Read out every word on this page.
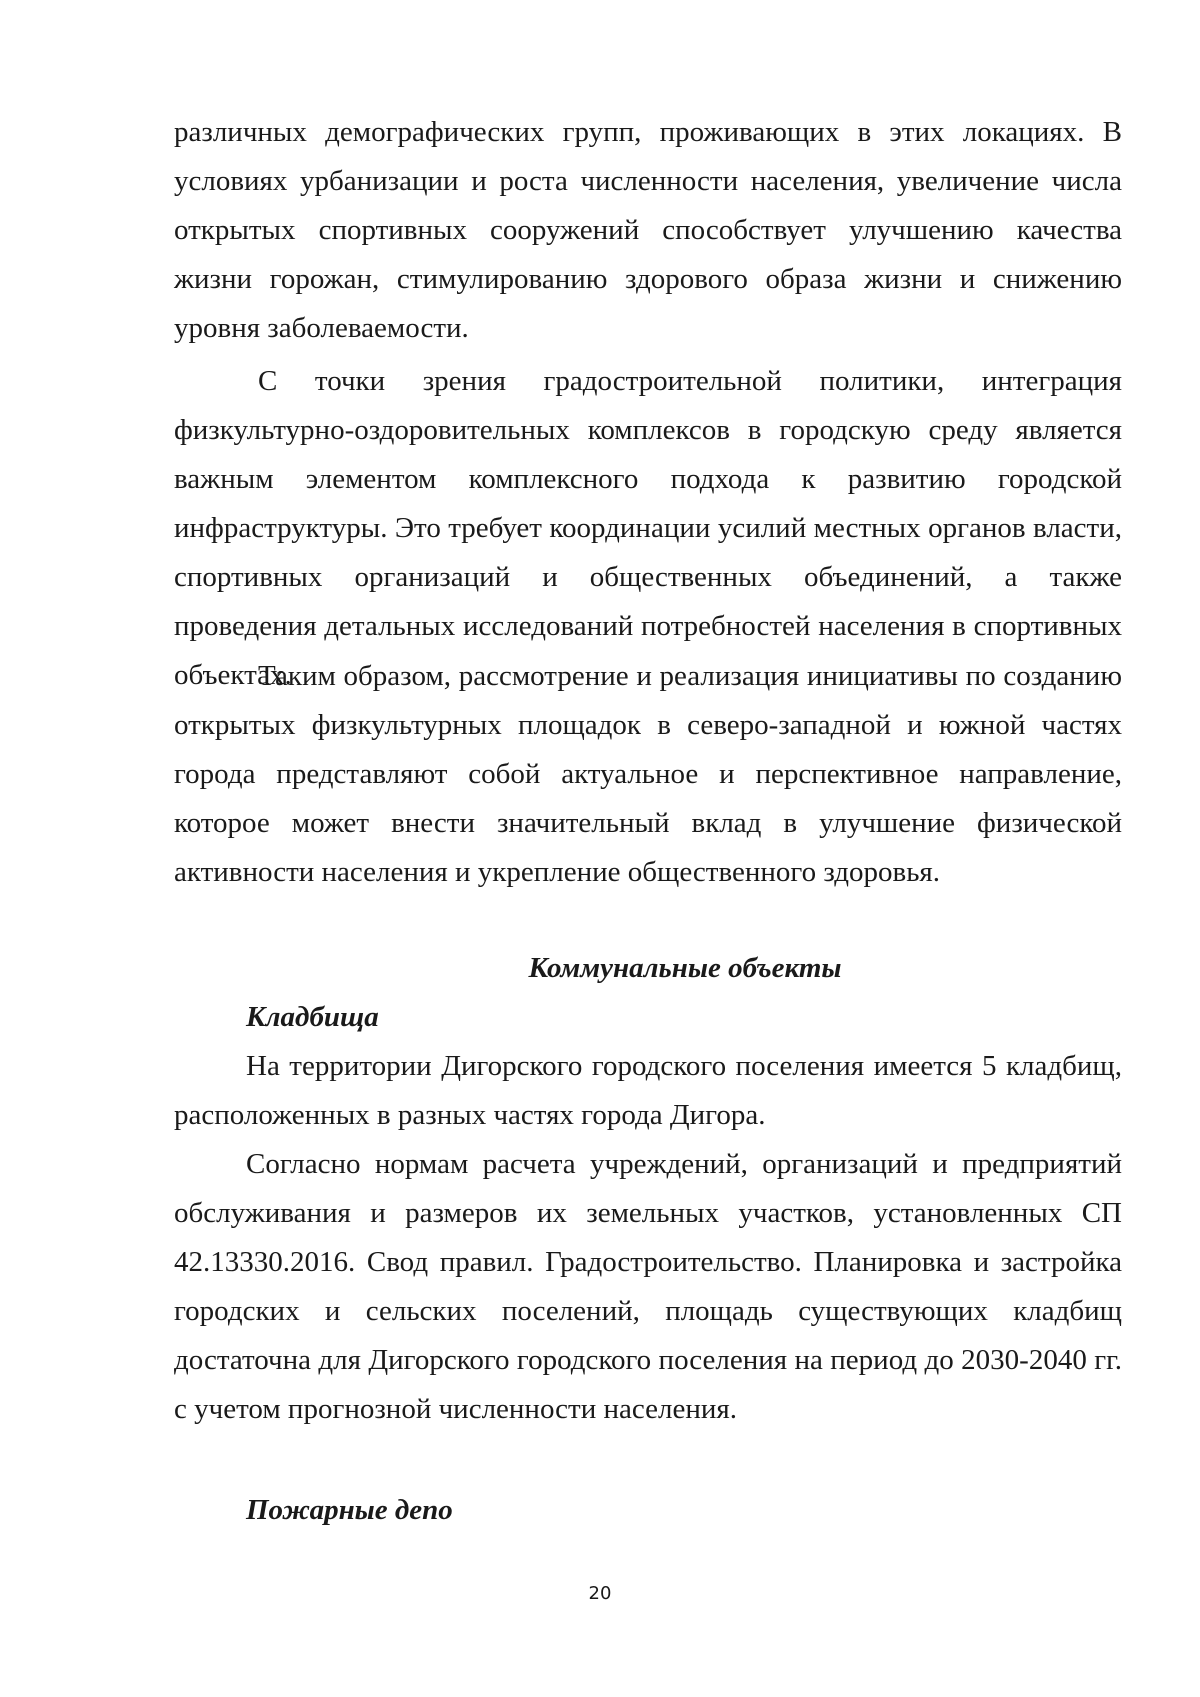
различных демографических групп, проживающих в этих локациях. В условиях урбанизации и роста численности населения, увеличение числа открытых спортивных сооружений способствует улучшению качества жизни горожан, стимулированию здорового образа жизни и снижению уровня заболеваемости.

С точки зрения градостроительной политики, интеграция физкультурно-оздоровительных комплексов в городскую среду является важным элементом комплексного подхода к развитию городской инфраструктуры. Это требует координации усилий местных органов власти, спортивных организаций и общественных объединений, а также проведения детальных исследований потребностей населения в спортивных объектах.

Таким образом, рассмотрение и реализация инициативы по созданию открытых физкультурных площадок в северо-западной и южной частях города представляют собой актуальное и перспективное направление, которое может внести значительный вклад в улучшение физической активности населения и укрепление общественного здоровья.

Коммунальные объекты
Кладбища

На территории Дигорского городского поселения имеется 5 кладбищ, расположенных в разных частях города Дигора.

Согласно нормам расчета учреждений, организаций и предприятий обслуживания и размеров их земельных участков, установленных СП 42.13330.2016. Свод правил. Градостроительство. Планировка и застройка городских и сельских поселений, площадь существующих кладбищ достаточна для Дигорского городского поселения на период до 2030-2040 гг. с учетом прогнозной численности населения.

Пожарные депо
20
